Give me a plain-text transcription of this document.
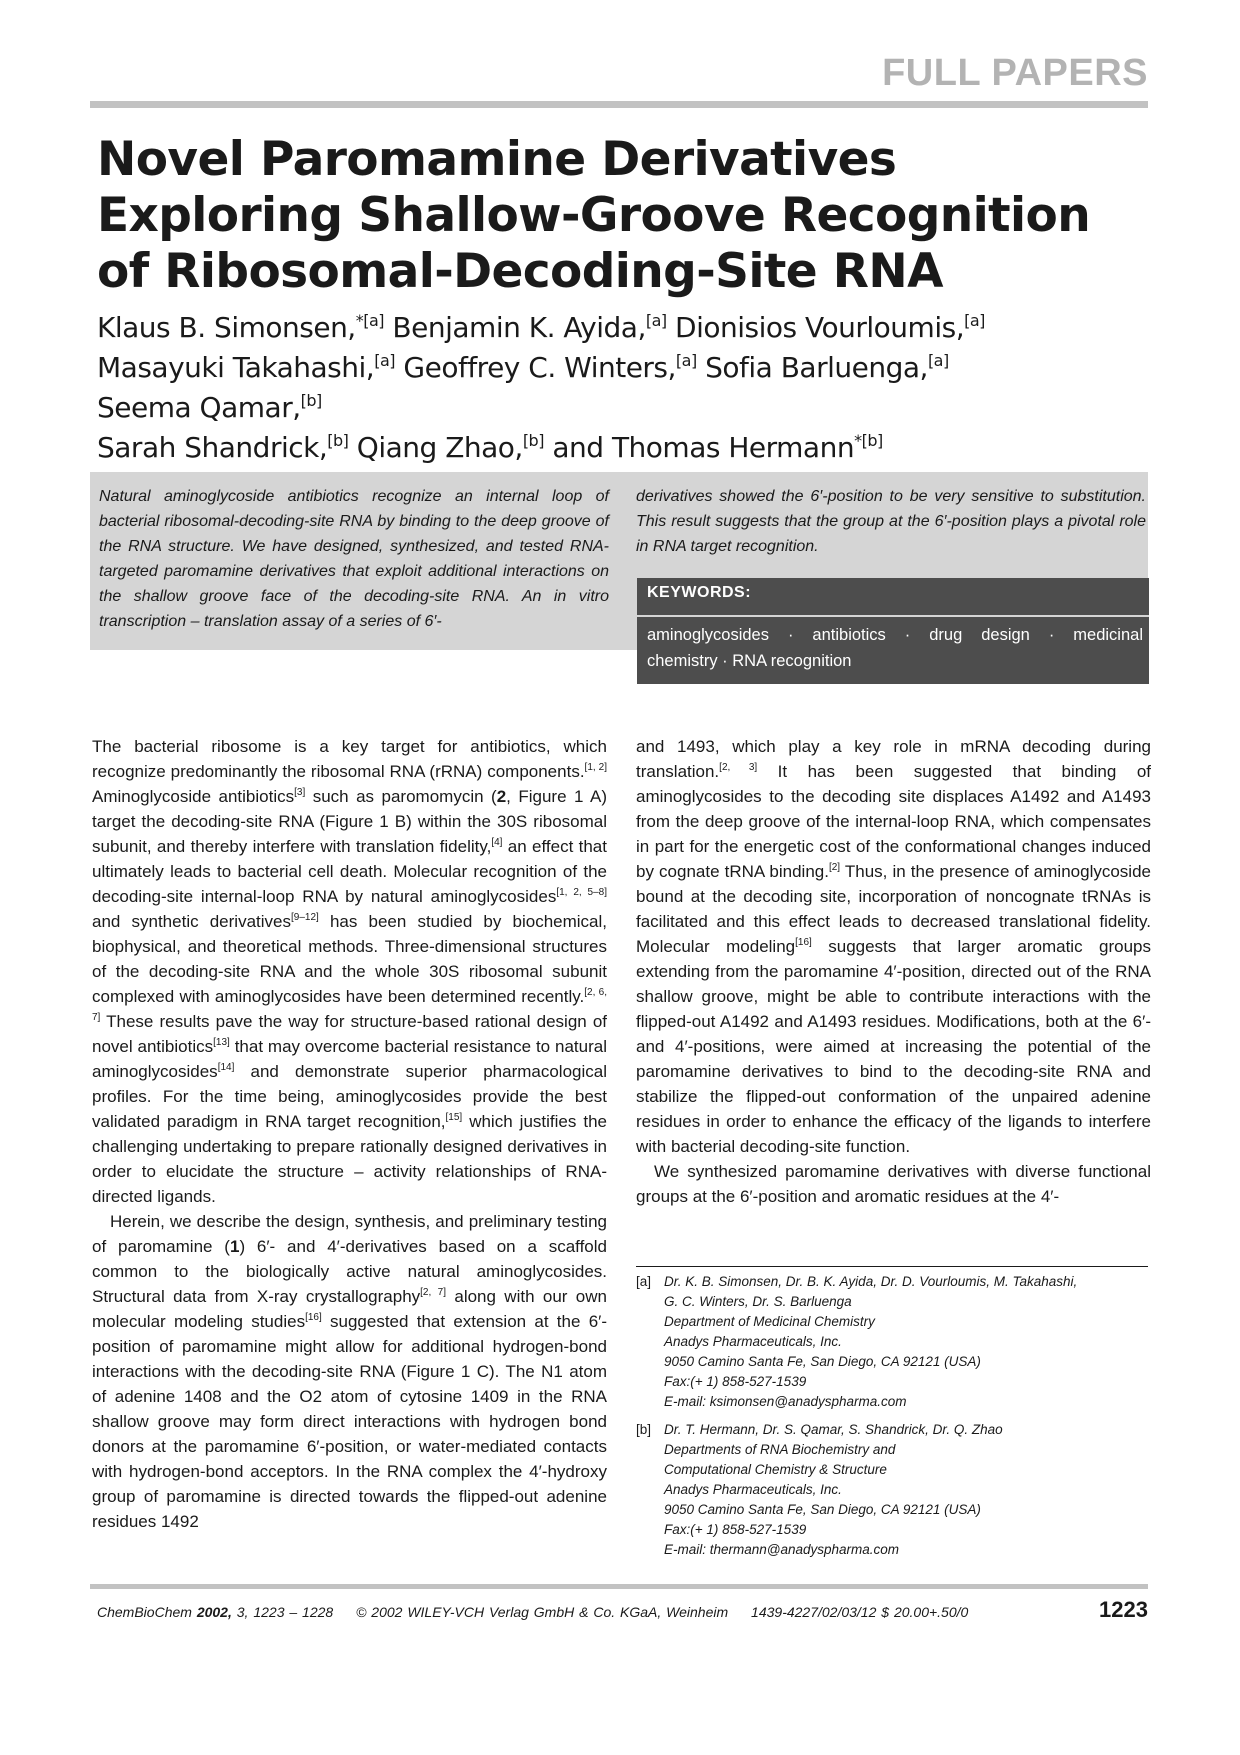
FULL PAPERS
Novel Paromamine Derivatives Exploring Shallow-Groove Recognition of Ribosomal-Decoding-Site RNA
Klaus B. Simonsen,$^{*[a]}$ Benjamin K. Ayida,[a] Dionisios Vourloumis,[a]
Masayuki Takahashi,[a] Geoffrey C. Winters,[a] Sofia Barluenga,[a] Seema Qamar,[b]
Sarah Shandrick,[b] Qiang Zhao,[b] and Thomas Hermann$^{*[b]}$

Natural aminoglycoside antibiotics recognize an internal loop of bacterial ribosomal-decoding-site RNA by binding to the deep groove of the RNA structure. We have designed, synthesized, and tested RNA-targeted paromamine derivatives that exploit additional interactions on the shallow groove face of the decoding-site RNA. An in vitro transcription – translation assay of a series of 6′-

derivatives showed the 6′-position to be very sensitive to substitution. This result suggests that the group at the 6′-position plays a pivotal role in RNA target recognition.

KEYWORDS:
aminoglycosides · antibiotics · drug design · medicinal
chemistry · RNA recognition

The bacterial ribosome is a key target for antibiotics, which recognize predominantly the ribosomal RNA (rRNA) components.[1, 2] Aminoglycoside antibiotics[3] such as paromomycin (2, Figure 1 A) target the decoding-site RNA (Figure 1 B) within the 30S ribosomal subunit, and thereby interfere with translation fidelity,[4] an effect that ultimately leads to bacterial cell death. Molecular recognition of the decoding-site internal-loop RNA by natural aminoglycosides[1, 2, 5–8] and synthetic derivatives[9–12] has been studied by biochemical, biophysical, and theoretical methods. Three-dimensional structures of the decoding-site RNA and the whole 30S ribosomal subunit complexed with aminoglycosides have been determined recently.[2, 6, 7] These results pave the way for structure-based rational design of novel antibiotics[13] that may overcome bacterial resistance to natural aminoglycosides[14] and demonstrate superior pharmacological profiles. For the time being, aminoglycosides provide the best validated paradigm in RNA target recognition,[15] which justifies the challenging undertaking to prepare rationally designed derivatives in order to elucidate the structure – activity relationships of RNA-directed ligands.

Herein, we describe the design, synthesis, and preliminary testing of paromamine (1) 6′- and 4′-derivatives based on a scaffold common to the biologically active natural aminoglycosides. Structural data from X-ray crystallography[2, 7] along with our own molecular modeling studies[16] suggested that extension at the 6′-position of paromamine might allow for additional hydrogen-bond interactions with the decoding-site RNA (Figure 1 C). The N1 atom of adenine 1408 and the O2 atom of cytosine 1409 in the RNA shallow groove may form direct interactions with hydrogen bond donors at the paromamine 6′-position, or water-mediated contacts with hydrogen-bond acceptors. In the RNA complex the 4′-hydroxy group of paromamine is directed towards the flipped-out adenine residues 1492

and 1493, which play a key role in mRNA decoding during translation.[2, 3] It has been suggested that binding of aminoglycosides to the decoding site displaces A1492 and A1493 from the deep groove of the internal-loop RNA, which compensates in part for the energetic cost of the conformational changes induced by cognate tRNA binding.[2] Thus, in the presence of aminoglycoside bound at the decoding site, incorporation of noncognate tRNAs is facilitated and this effect leads to decreased translational fidelity. Molecular modeling[16] suggests that larger aromatic groups extending from the paromamine 4′-position, directed out of the RNA shallow groove, might be able to contribute interactions with the flipped-out A1492 and A1493 residues. Modifications, both at the 6′- and 4′-positions, were aimed at increasing the potential of the paromamine derivatives to bind to the decoding-site RNA and stabilize the flipped-out conformation of the unpaired adenine residues in order to enhance the efficacy of the ligands to interfere with bacterial decoding-site function.

We synthesized paromamine derivatives with diverse functional groups at the 6′-position and aromatic residues at the 4′-

[a] Dr. K. B. Simonsen, Dr. B. K. Ayida, Dr. D. Vourloumis, M. Takahashi,
G. C. Winters, Dr. S. Barluenga
Department of Medicinal Chemistry
Anadys Pharmaceuticals, Inc.
9050 Camino Santa Fe, San Diego, CA 92121 (USA)
Fax:(+ 1) 858-527-1539
E-mail: ksimonsen@anadyspharma.com
[b] Dr. T. Hermann, Dr. S. Qamar, S. Shandrick, Dr. Q. Zhao
Departments of RNA Biochemistry and
Computational Chemistry & Structure
Anadys Pharmaceuticals, Inc.
9050 Camino Santa Fe, San Diego, CA 92121 (USA)
Fax:(+ 1) 858-527-1539
E-mail: thermann@anadyspharma.com
ChemBioChem 2002, 3, 1223 – 1228 © 2002 WILEY-VCH Verlag GmbH & Co. KGaA, Weinheim 1439-4227/02/03/12 $ 20.00+.50/0	1223
